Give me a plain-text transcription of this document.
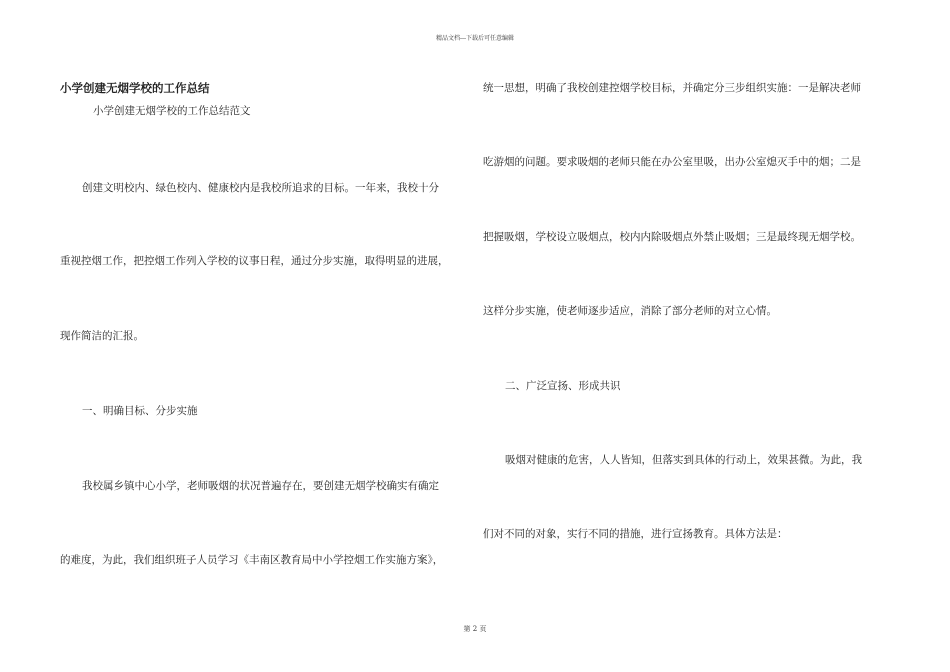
精品文档---下载后可任意编辑
小学创建无烟学校的工作总结
小学创建无烟学校的工作总结范文
创建文明校内、绿色校内、健康校内是我校所追求的目标。一年来，我校十分
重视控烟工作，把控烟工作列入学校的议事日程，通过分步实施，取得明显的进展，
现作简洁的汇报。
一、明确目标、分步实施
我校属乡镇中心小学，老师吸烟的状况普遍存在，要创建无烟学校确实有确定
的难度，为此，我们组织班子人员学习《丰南区教育局中小学控烟工作实施方案》，
统一思想，明确了我校创建控烟学校目标，并确定分三步组织实施：一是解决老师
吃游烟的问题。要求吸烟的老师只能在办公室里吸，出办公室熄灭手中的烟；二是
把握吸烟，学校设立吸烟点，校内内除吸烟点外禁止吸烟；三是最终现无烟学校。
这样分步实施，使老师逐步适应，消除了部分老师的对立心情。
二、广泛宣扬、形成共识
吸烟对健康的危害，人人皆知，但落实到具体的行动上，效果甚微。为此，我
们对不同的对象，实行不同的措施，进行宣扬教育。具体方法是：
第 2 页
